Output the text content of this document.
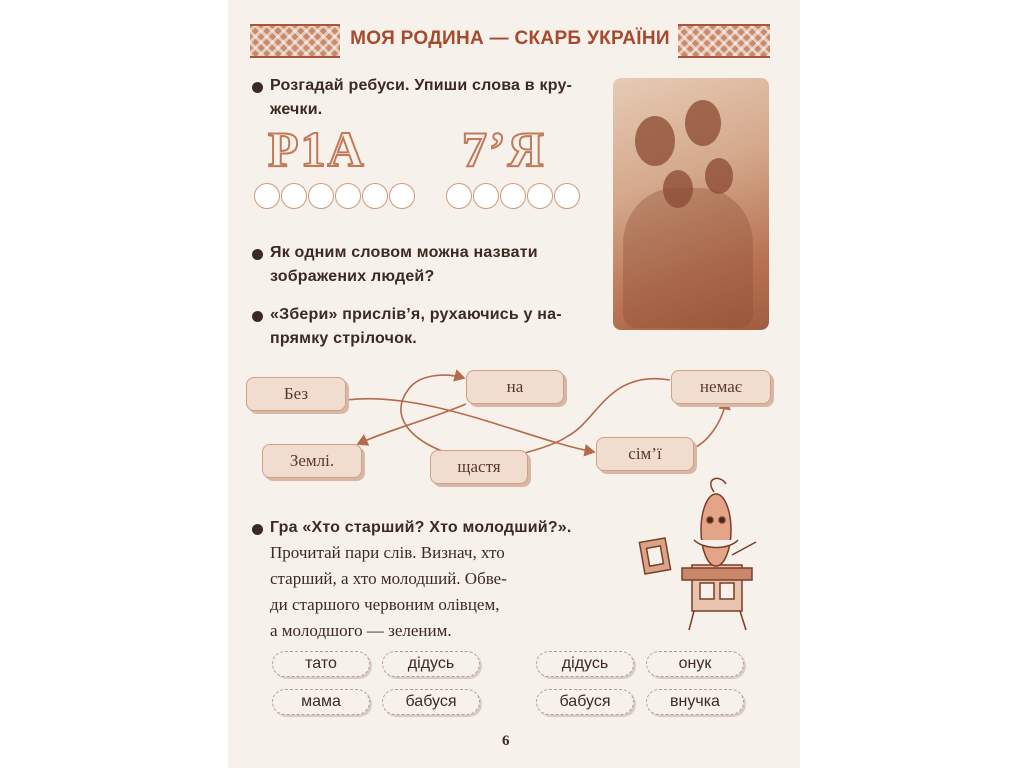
МОЯ РОДИНА — СКАРБ УКРАЇНИ
Розгадай ребуси. Упиши слова в кру-
жечки.
Р1А 7’Я
Як одним словом можна назвати
зображених людей?
«Збери» прислів’я, рухаючись у на-
прямку стрілочок.
Без	на	немає
Землі.	щастя
сім’ї
Гра «Хто старший? Хто молодший?».
Прочитай пари слів. Визнач, хто
старший, а хто молодший. Обве-
ди старшого червоним олівцем,
а молодшого — зеленим.
тато	дідусь	дідусь	онук
мама	бабуся	бабуся	внучка
6
